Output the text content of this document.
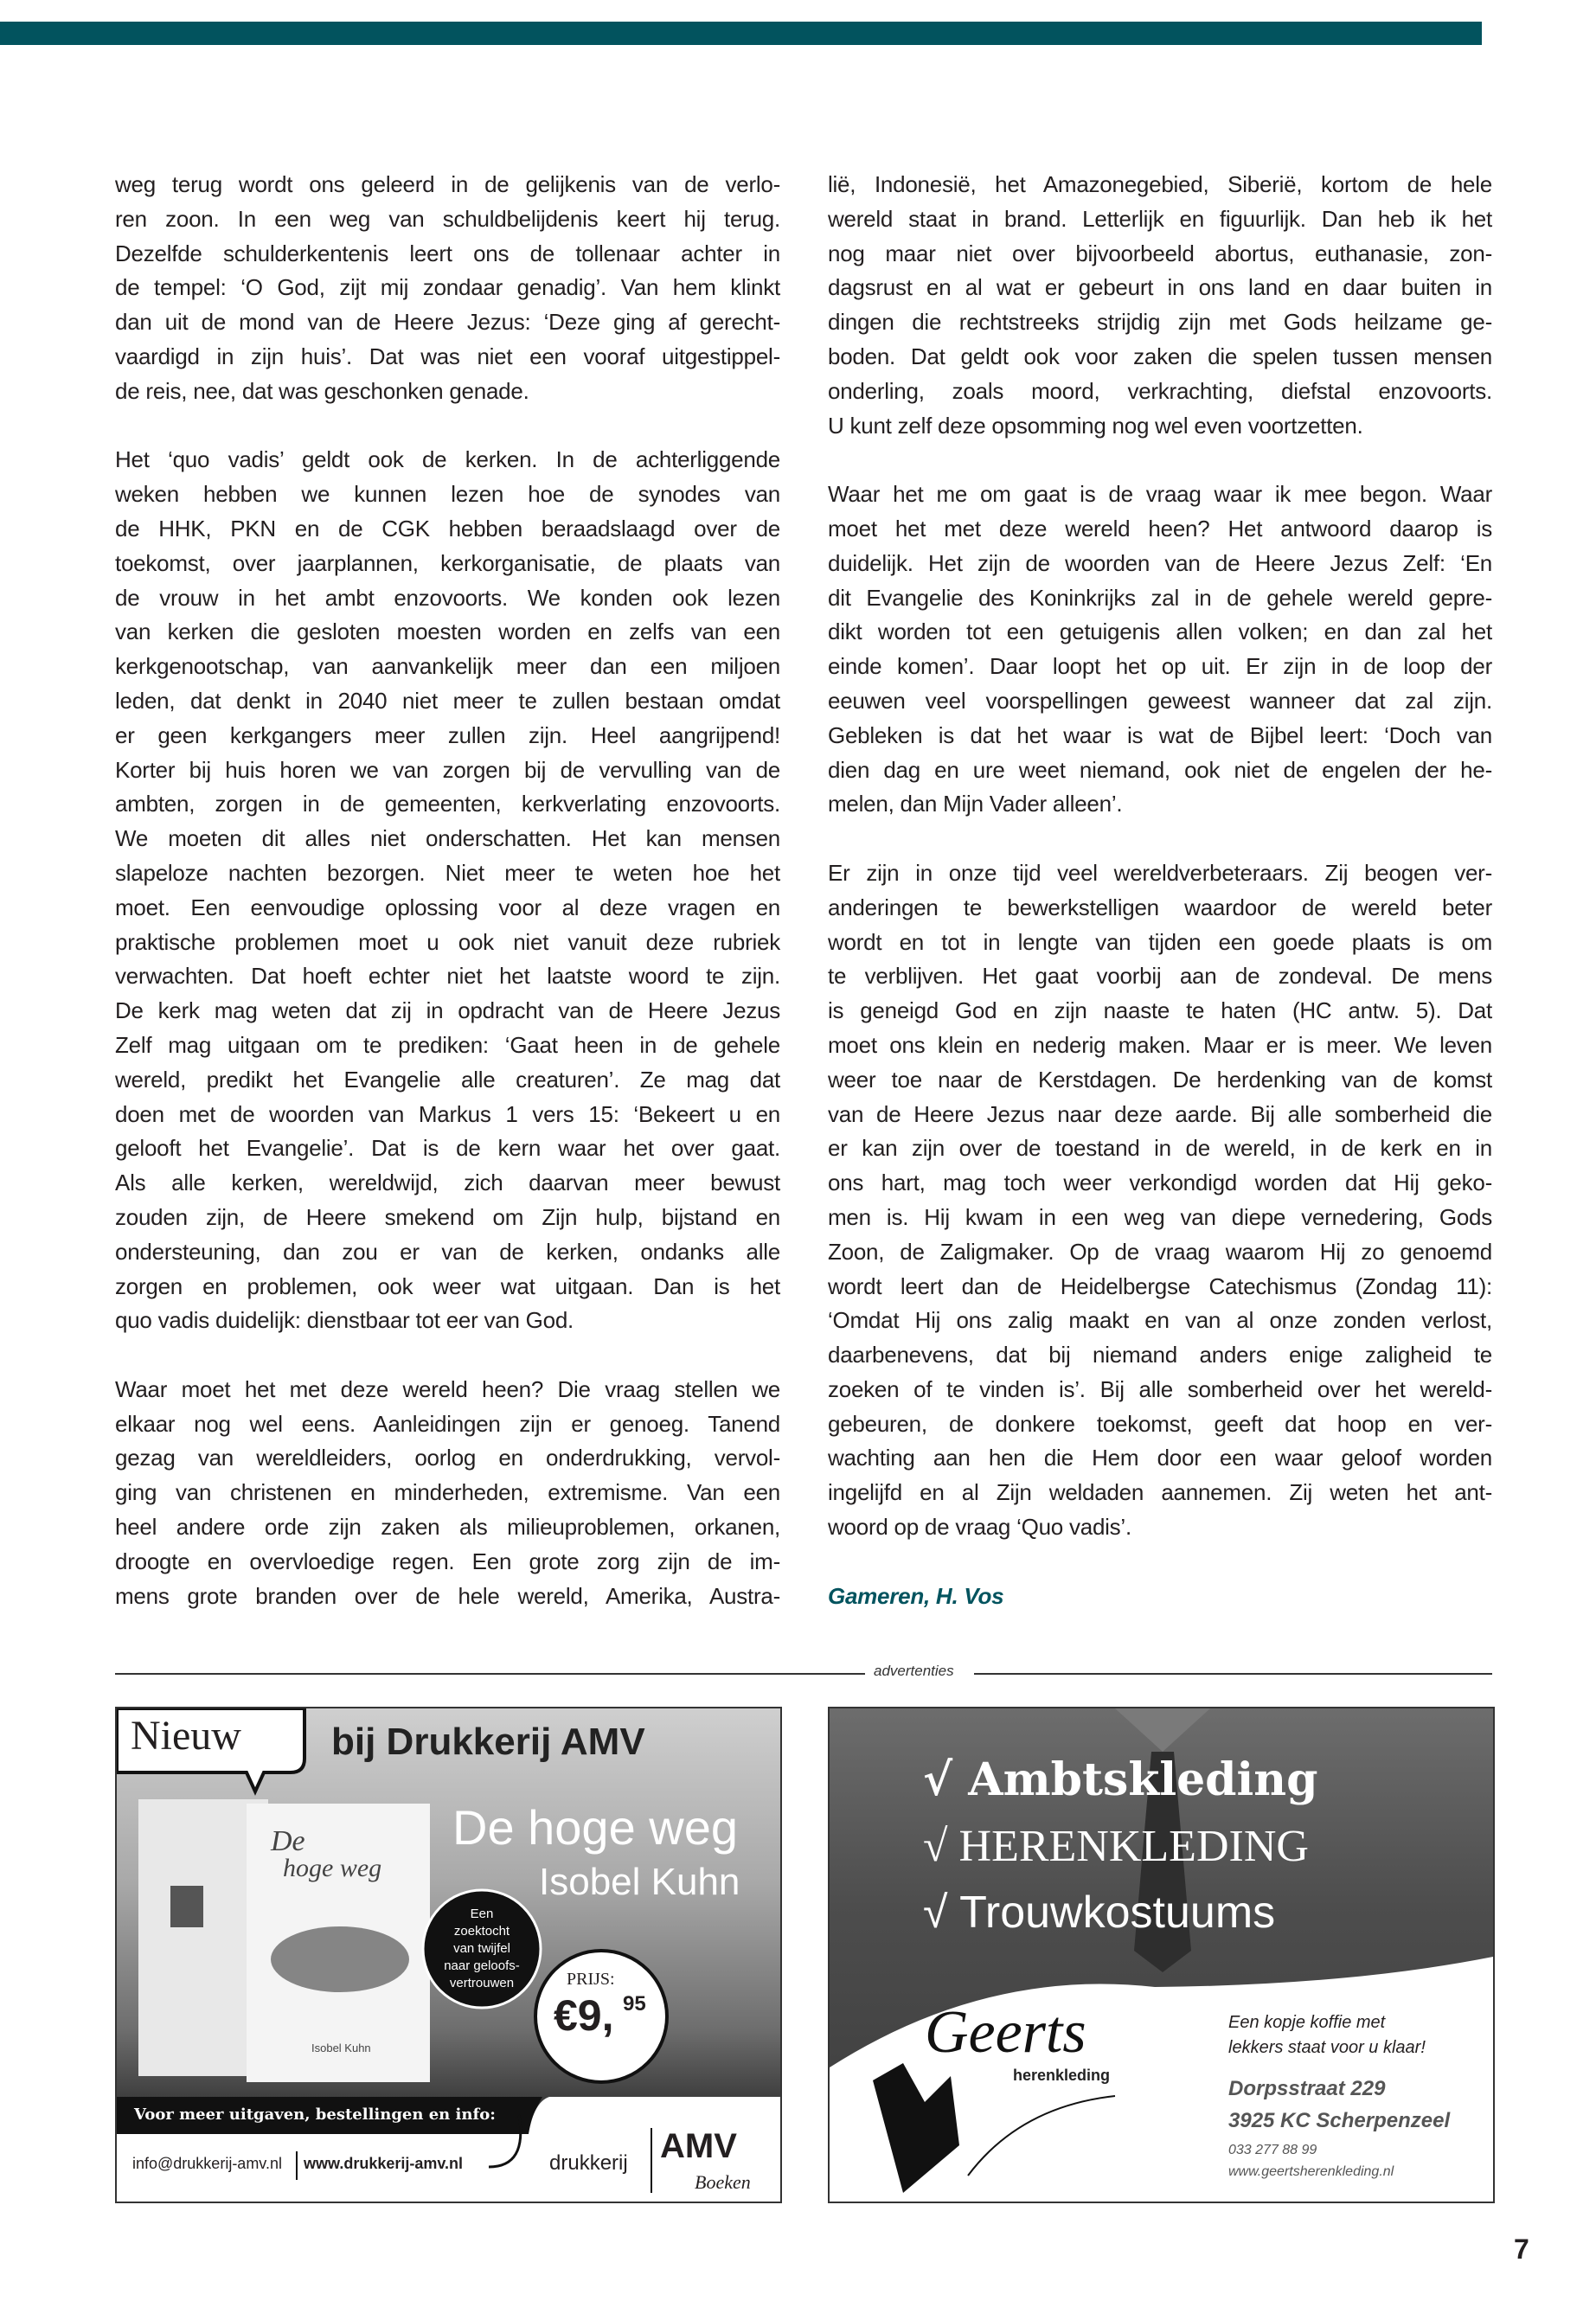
weg terug wordt ons geleerd in de gelijkenis van de verlo-
ren zoon. In een weg van schuldbelijdenis keert hij terug.
Dezelfde schulderkentenis leert ons de tollenaar achter in
de tempel: ‘O God, zijt mij zondaar genadig’. Van hem klinkt
dan uit de mond van de Heere Jezus: ‘Deze ging af gerecht-
vaardigd in zijn huis’. Dat was niet een vooraf uitgestippel-
de reis, nee, dat was geschonken genade.
Het ‘quo vadis’ geldt ook de kerken. In de achterliggende
weken hebben we kunnen lezen hoe de synodes van
de HHK, PKN en de CGK hebben beraadslaagd over de
toekomst, over jaarplannen, kerkorganisatie, de plaats van
de vrouw in het ambt enzovoorts. We konden ook lezen
van kerken die gesloten moesten worden en zelfs van een
kerkgenootschap, van aanvankelijk meer dan een miljoen
leden, dat denkt in 2040 niet meer te zullen bestaan omdat
er geen kerkgangers meer zullen zijn. Heel aangrijpend!
Korter bij huis horen we van zorgen bij de vervulling van de
ambten, zorgen in de gemeenten, kerkverlating enzovoorts.
We moeten dit alles niet onderschatten. Het kan mensen
slapeloze nachten bezorgen. Niet meer te weten hoe het
moet. Een eenvoudige oplossing voor al deze vragen en
praktische problemen moet u ook niet vanuit deze rubriek
verwachten. Dat hoeft echter niet het laatste woord te zijn.
De kerk mag weten dat zij in opdracht van de Heere Jezus
Zelf mag uitgaan om te prediken: ‘Gaat heen in de gehele
wereld, predikt het Evangelie alle creaturen’. Ze mag dat
doen met de woorden van Markus 1 vers 15: ‘Bekeert u en
gelooft het Evangelie’. Dat is de kern waar het over gaat.
Als alle kerken, wereldwijd, zich daarvan meer bewust
zouden zijn, de Heere smekend om Zijn hulp, bijstand en
ondersteuning, dan zou er van de kerken, ondanks alle
zorgen en problemen, ook weer wat uitgaan. Dan is het
quo vadis duidelijk: dienstbaar tot eer van God.
Waar moet het met deze wereld heen? Die vraag stellen we
elkaar nog wel eens. Aanleidingen zijn er genoeg. Tanend
gezag van wereldleiders, oorlog en onderdrukking, vervol-
ging van christenen en minderheden, extremisme. Van een
heel andere orde zijn zaken als milieuproblemen, orkanen,
droogte en overvloedige regen. Een grote zorg zijn de im-
mens grote branden over de hele wereld, Amerika, Austra-
lië, Indonesië, het Amazonegebied, Siberië, kortom de hele
wereld staat in brand. Letterlijk en figuurlijk. Dan heb ik het
nog maar niet over bijvoorbeeld abortus, euthanasie, zon-
dagsrust en al wat er gebeurt in ons land en daar buiten in
dingen die rechtstreeks strijdig zijn met Gods heilzame ge-
boden. Dat geldt ook voor zaken die spelen tussen mensen
onderling, zoals moord, verkrachting, diefstal enzovoorts.
U kunt zelf deze opsomming nog wel even voortzetten.
Waar het me om gaat is de vraag waar ik mee begon. Waar
moet het met deze wereld heen? Het antwoord daarop is
duidelijk. Het zijn de woorden van de Heere Jezus Zelf: ‘En
dit Evangelie des Koninkrijks zal in de gehele wereld gepre-
dikt worden tot een getuigenis allen volken; en dan zal het
einde komen’. Daar loopt het op uit. Er zijn in de loop der
eeuwen veel voorspellingen geweest wanneer dat zal zijn.
Gebleken is dat het waar is wat de Bijbel leert: ‘Doch van
dien dag en ure weet niemand, ook niet de engelen der he-
melen, dan Mijn Vader alleen’.
Er zijn in onze tijd veel wereldverbeteraars. Zij beogen ver-
anderingen te bewerkstelligen waardoor de wereld beter
wordt en tot in lengte van tijden een goede plaats is om
te verblijven. Het gaat voorbij aan de zondeval. De mens
is geneigd God en zijn naaste te haten (HC antw. 5). Dat
moet ons klein en nederig maken. Maar er is meer. We leven
weer toe naar de Kerstdagen. De herdenking van de komst
van de Heere Jezus naar deze aarde. Bij alle somberheid die
er kan zijn over de toestand in de wereld, in de kerk en in
ons hart, mag toch weer verkondigd worden dat Hij geko-
men is. Hij kwam in een weg van diepe vernedering, Gods
Zoon, de Zaligmaker. Op de vraag waarom Hij zo genoemd
wordt leert dan de Heidelbergse Catechismus (Zondag 11):
‘Omdat Hij ons zalig maakt en van al onze zonden verlost,
daarbenevens, dat bij niemand anders enige zaligheid te
zoeken of te vinden is’. Bij alle somberheid over het wereld-
gebeuren, de donkere toekomst, geeft dat hoop en ver-
wachting aan hen die Hem door een waar geloof worden
ingelijfd en al Zijn weldaden aannemen. Zij weten het ant-
woord op de vraag ‘Quo vadis’.
Gameren, H. Vos
advertenties
Nieuw bij Drukkerij AMV
De
hoge weg
Isobel Kuhn
De hoge weg
Isobel Kuhn
Een
zoektocht
van twijfel
naar geloofs-
vertrouwen	PRIJS:
€9, 95
Voor meer uitgaven, bestellingen en info:
info@drukkerij-amv.nl www.drukkerij-amv.nl	drukkerij AMV
Boeken
√ Ambtskleding
√ HERENKLEDING
√ Trouwkostuums
Geerts
herenkleding
Een kopje koffie met
lekkers staat voor u klaar!
Dorpsstraat 229
3925 KC Scherpenzeel
033 277 88 99
www.geertsherenkleding.nl
7
